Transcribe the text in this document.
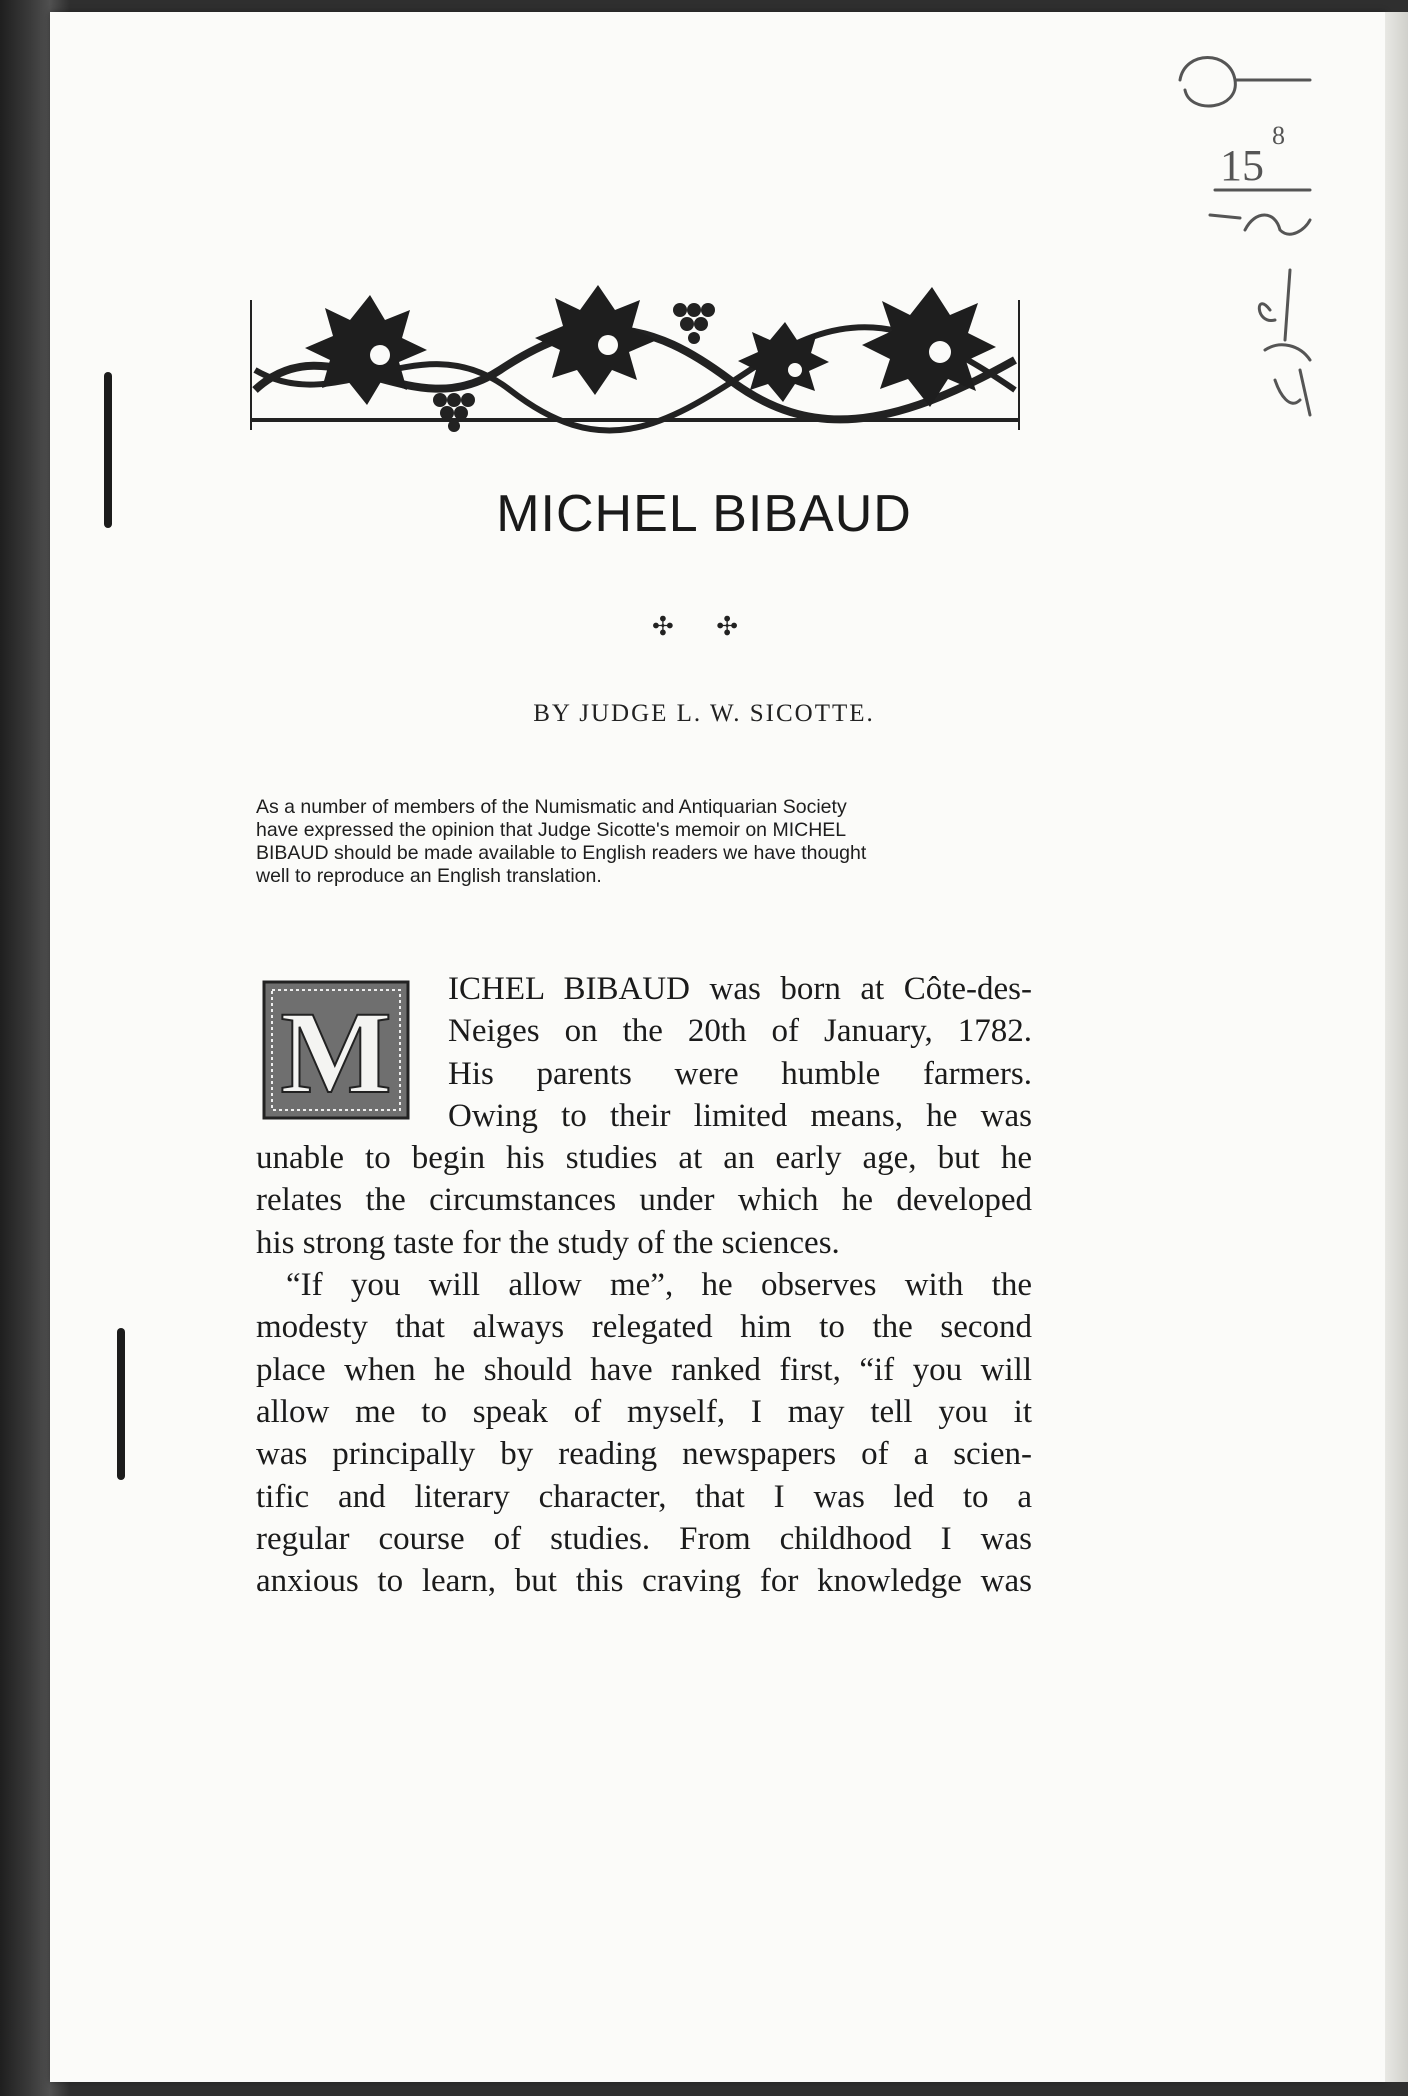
15
8
MICHEL BIBAUD
✣ ✣
BY JUDGE L. W. SICOTTE.
As a number of members of the Numismatic and Antiquarian Society
have expressed the opinion that Judge Sicotte's memoir on MICHEL
BIBAUD should be made available to English readers we have thought
well to reproduce an English translation.
M ICHEL BIBAUD was born at Côte-des-
Neiges on the 20th of January, 1782.
His parents were humble farmers.
Owing to their limited means, he was
unable to begin his studies at an early age, but he
relates the circumstances under which he developed
his strong taste for the study of the sciences.
“If you will allow me”, he observes with the
modesty that always relegated him to the second
place when he should have ranked first, “if you will
allow me to speak of myself, I may tell you it
was principally by reading newspapers of a scien-
tific and literary character, that I was led to a
regular course of studies. From childhood I was
anxious to learn, but this craving for knowledge was
